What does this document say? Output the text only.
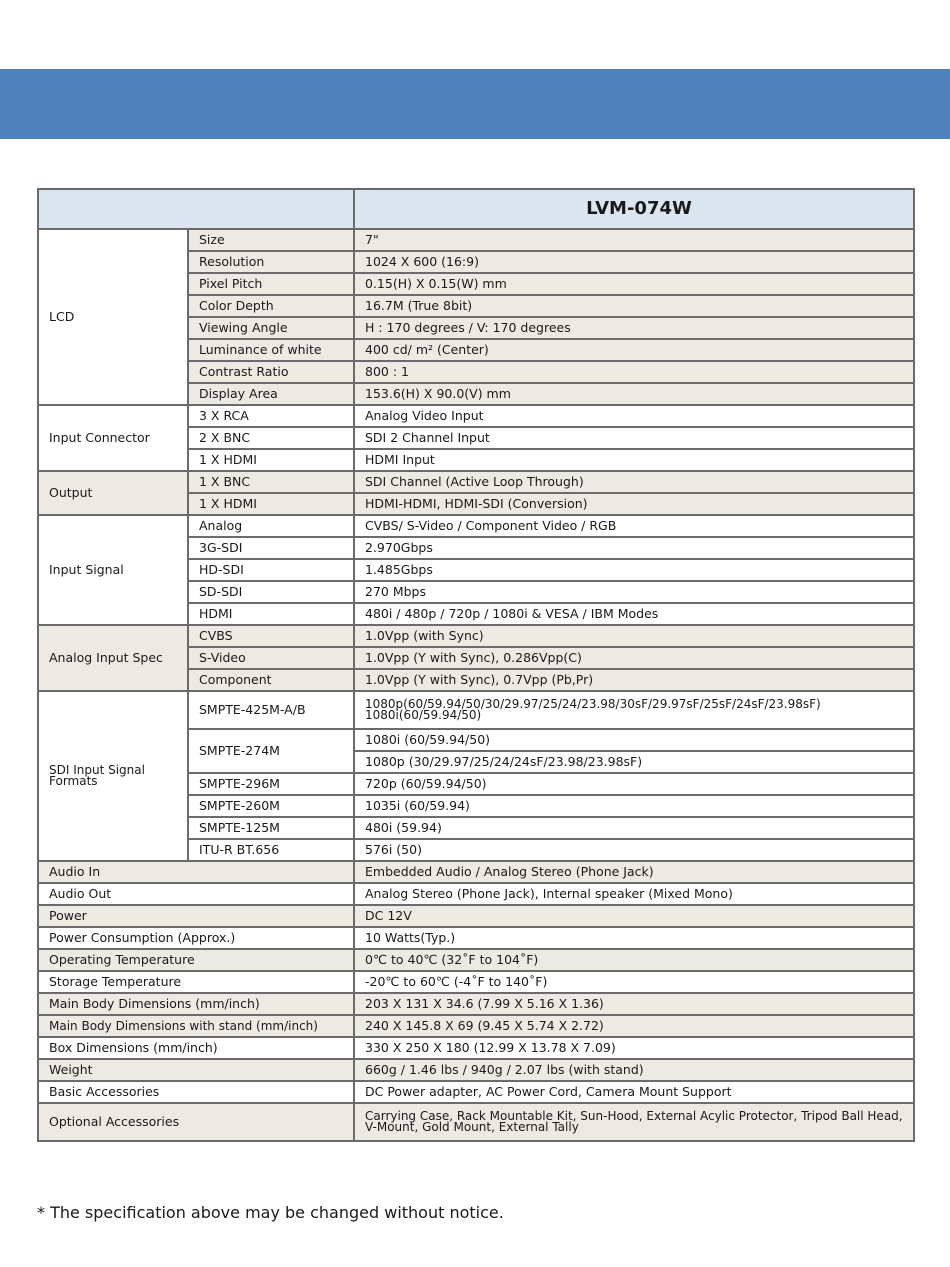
		LVM-074W
LCD	Size	7"
	Resolution	1024 X 600 (16:9)
	Pixel Pitch	0.15(H) X 0.15(W) mm
	Color Depth	16.7M (True 8bit)
	Viewing Angle	H : 170 degrees / V: 170 degrees
	Luminance of white	400 cd/ m² (Center)
	Contrast Ratio	800 : 1
	Display Area	153.6(H) X 90.0(V) mm
Input Connector	3 X RCA	Analog Video Input
	2 X BNC	SDI 2 Channel Input
	1 X HDMI	HDMI Input
Output	1 X BNC	SDI Channel (Active Loop Through)
	1 X HDMI	HDMI-HDMI, HDMI-SDI (Conversion)
Input Signal	Analog	CVBS/ S-Video / Component Video / RGB
	3G-SDI	2.970Gbps
	HD-SDI	1.485Gbps
	SD-SDI	270 Mbps
	HDMI	480i / 480p / 720p / 1080i & VESA / IBM Modes
Analog Input Spec	CVBS	1.0Vpp (with Sync)
	S-Video	1.0Vpp (Y with Sync), 0.286Vpp(C)
	Component	1.0Vpp (Y with Sync), 0.7Vpp (Pb,Pr)
SDI Input Signal Formats	SMPTE-425M-A/B	1080p(60/59.94/50/30/29.97/25/24/23.98/30sF/29.97sF/25sF/24sF/23.98sF) 1080i(60/59.94/50)
	SMPTE-274M	1080i (60/59.94/50)
		1080p (30/29.97/25/24/24sF/23.98/23.98sF)
	SMPTE-296M	720p (60/59.94/50)
	SMPTE-260M	1035i (60/59.94)
	SMPTE-125M	480i (59.94)
	ITU-R BT.656	576i (50)
Audio In		Embedded Audio / Analog Stereo (Phone Jack)
Audio Out		Analog Stereo (Phone Jack), Internal speaker (Mixed Mono)
Power		DC 12V
Power Consumption (Approx.)		10 Watts(Typ.)
Operating Temperature		0℃ to 40℃ (32˚F to 104˚F)
Storage Temperature		-20℃ to 60℃ (-4˚F to 140˚F)
Main Body Dimensions (mm/inch)		203 X 131 X 34.6 (7.99 X 5.16 X 1.36)
Main Body Dimensions with stand (mm/inch)		240 X 145.8 X 69 (9.45 X 5.74 X 2.72)
Box Dimensions (mm/inch)		330 X 250 X 180 (12.99 X 13.78 X 7.09)
Weight		660g / 1.46 lbs / 940g / 2.07 lbs (with stand)
Basic Accessories		DC Power adapter, AC Power Cord, Camera Mount Support
Optional Accessories		Carrying Case, Rack Mountable Kit, Sun-Hood, External Acylic Protector, Tripod Ball Head, V-Mount, Gold Mount, External Tally
* The specification above may be changed without notice.
